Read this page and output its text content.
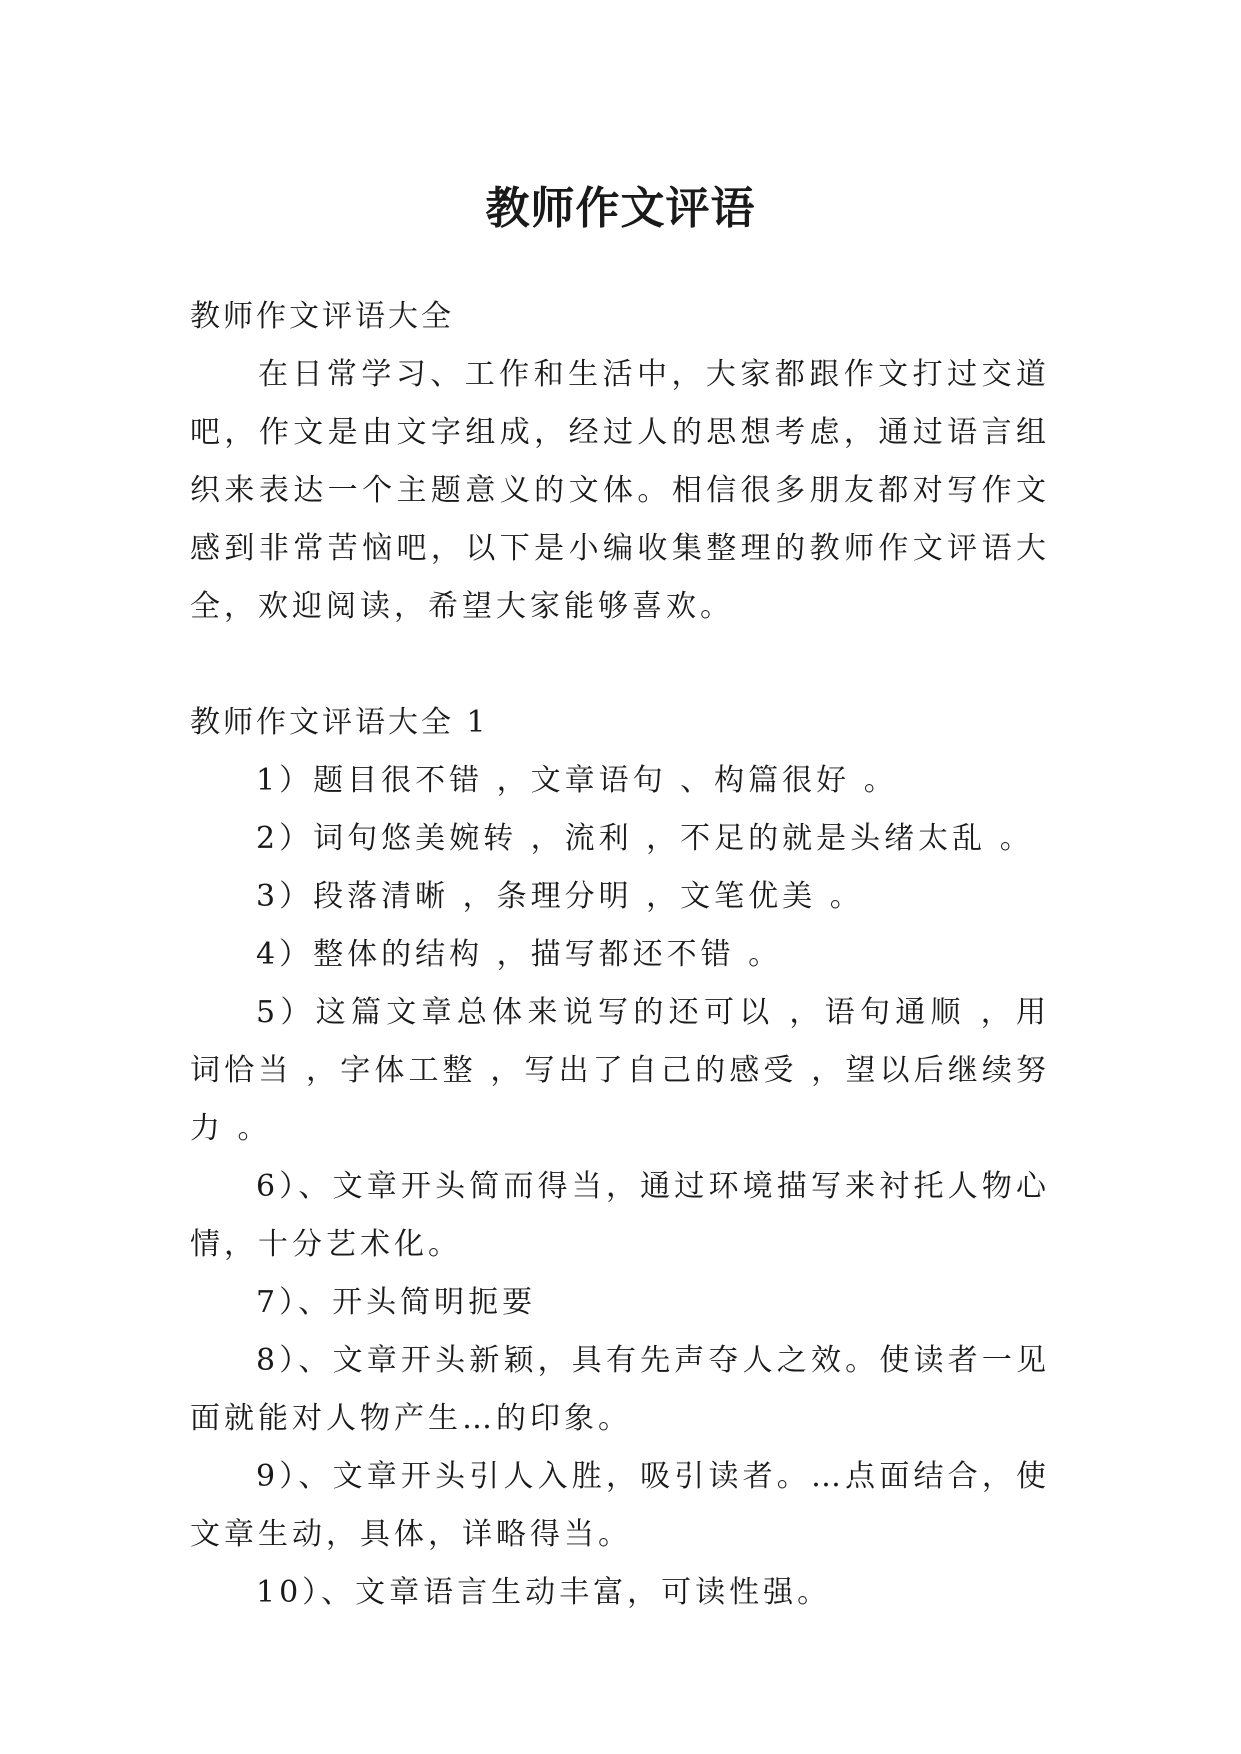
教师作文评语

教师作文评语大全

在日常学习、工作和生活中，大家都跟作文打过交道吧，作文是由文字组成，经过人的思想考虑，通过语言组织来表达一个主题意义的文体。相信很多朋友都对写作文感到非常苦恼吧，以下是小编收集整理的教师作文评语大全，欢迎阅读，希望大家能够喜欢。

教师作文评语大全 1

1）题目很不错 ，文章语句 、构篇很好 。

2）词句悠美婉转 ，流利 ，不足的就是头绪太乱 。

3）段落清晰 ，条理分明 ，文笔优美 。

4）整体的结构 ，描写都还不错 。

5）这篇文章总体来说写的还可以 ，语句通顺 ，用词恰当 ，字体工整 ，写出了自己的感受 ，望以后继续努力 。

6）、文章开头简而得当，通过环境描写来衬托人物心情，十分艺术化。

7）、开头简明扼要

8）、文章开头新颖，具有先声夺人之效。使读者一见面就能对人物产生…的印象。

9）、文章开头引人入胜，吸引读者。…点面结合，使文章生动，具体，详略得当。

10）、文章语言生动丰富，可读性强。
